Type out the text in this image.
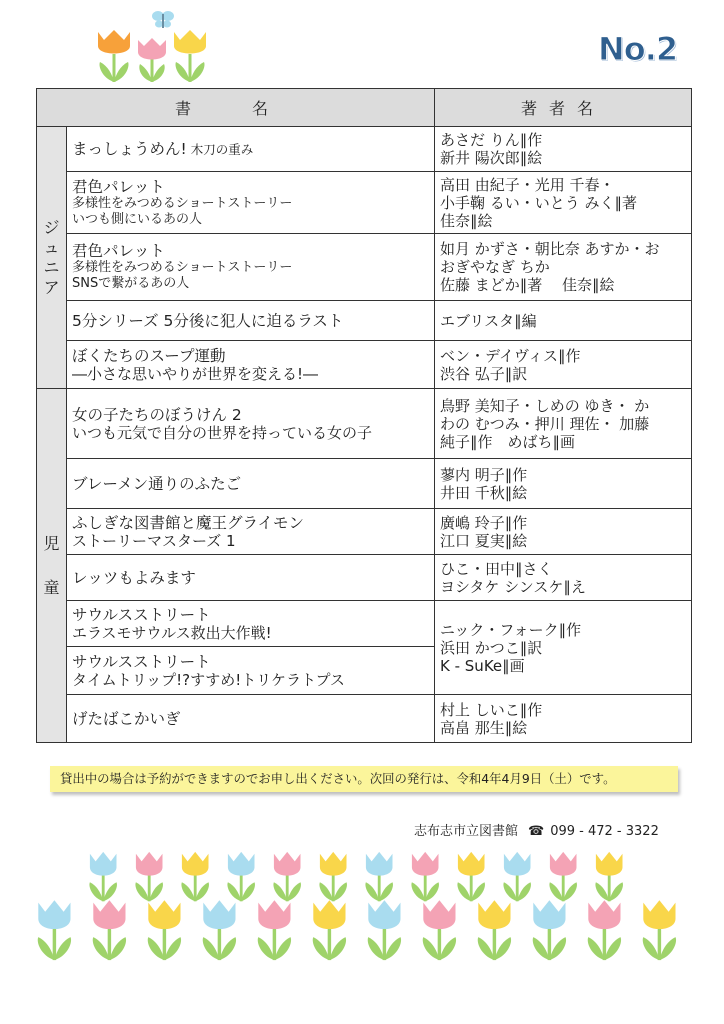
No.2
書 名		著者名

ジ
ュ
ニ
ア	まっしょうめん! 木刀の重み	あさだ りん∥作
新井 陽次郎∥絵

	君色パレット
多様性をみつめるショートストーリー
いつも側にいるあの人	高田 由紀子・光用 千春・
小手鞠 るい・いとう みく∥著
佳奈∥絵

	君色パレット
多様性をみつめるショートストーリー
SNSで繋がるあの人	如月 かずさ・朝比奈 あすか・お
おぎやなぎ ちか
佐藤 まどか∥著　 佳奈∥絵

	5分シリーズ 5分後に犯人に迫るラスト	エブリスタ∥編

	ぼくたちのスープ運動
―小さな思いやりが世界を変える!―	ベン・デイヴィス∥作
渋谷 弘子∥訳

児
童	女の子たちのぼうけん 2
いつも元気で自分の世界を持っている女の子	鳥野 美知子・しめの ゆき・ か
わの むつみ・押川 理佐・ 加藤
純子∥作　めばち∥画

	ブレーメン通りのふたご	蓼内 明子∥作
井田 千秋∥絵

	ふしぎな図書館と魔王グライモン
ストーリーマスターズ 1	廣嶋 玲子∥作
江口 夏実∥絵

	レッツもよみます	ひこ・田中∥さく
ヨシタケ シンスケ∥え

	サウルスストリート
エラスモサウルス救出大作戦!	ニック・フォーク∥作
浜田 かつこ∥訳
K - SuKe∥画

	サウルスストリート
タイムトリップ!?すすめ!トリケラトプス	

	げたばこかいぎ	村上 しいこ∥作
高畠 那生∥絵
貸出中の場合は予約ができますのでお申し出ください。次回の発行は、令和4年4月9日（土）です。
志布志市立図書館 ☎ 099 - 472 - 3322
